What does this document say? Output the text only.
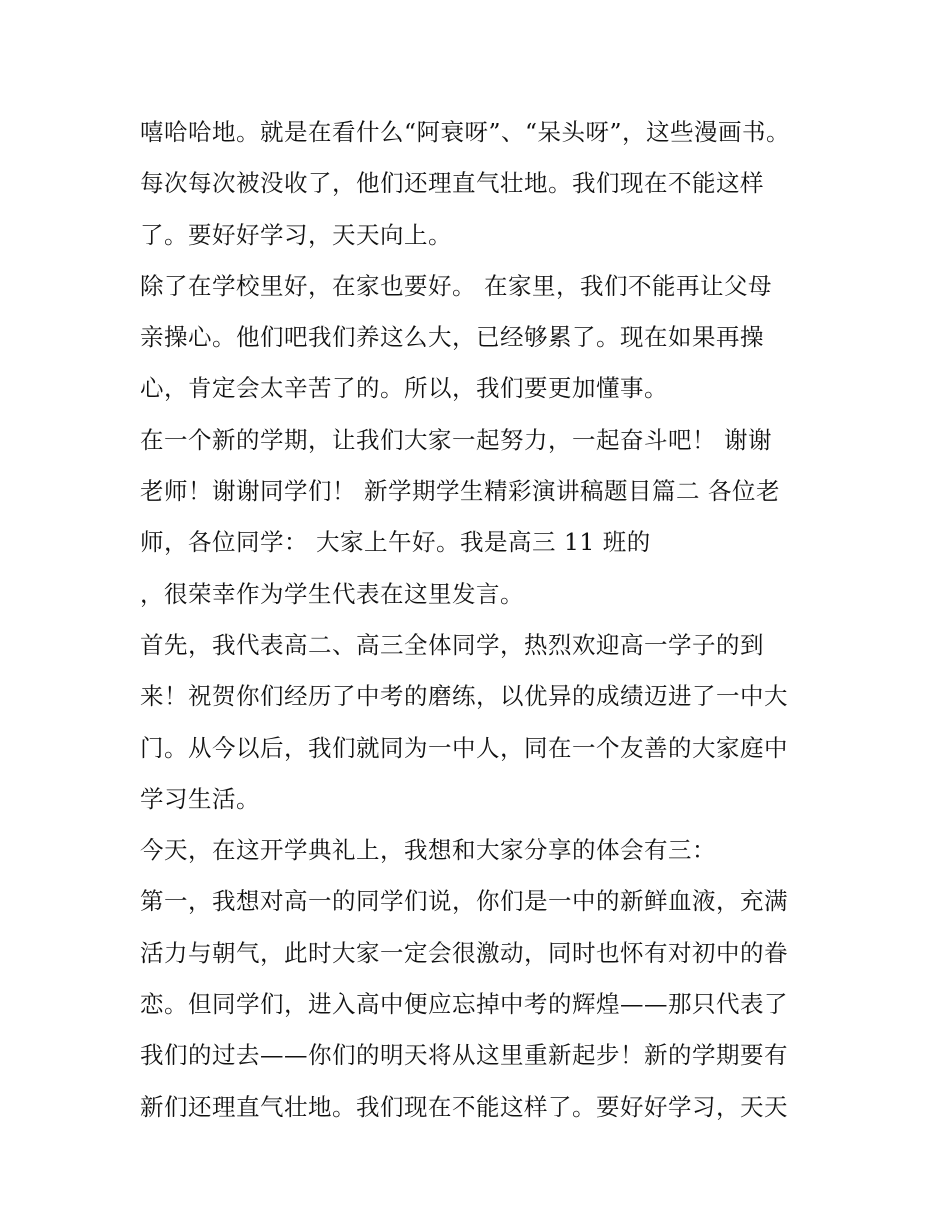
嘻哈哈地。就是在看什么“阿衰呀”、“呆头呀”，这些漫画书。
每次每次被没收了，他们还理直气壮地。我们现在不能这样
了。要好好学习，天天向上。
除了在学校里好，在家也要好。 在家里，我们不能再让父母
亲操心。他们吧我们养这么大，已经够累了。现在如果再操
心，肯定会太辛苦了的。所以，我们要更加懂事。
在一个新的学期，让我们大家一起努力，一起奋斗吧！ 谢谢
老师！谢谢同学们！ 新学期学生精彩演讲稿题目篇二 各位老
师，各位同学： 大家上午好。我是高三 11 班的
，很荣幸作为学生代表在这里发言。
首先，我代表高二、高三全体同学，热烈欢迎高一学子的到
来！祝贺你们经历了中考的磨练，以优异的成绩迈进了一中大
门。从今以后，我们就同为一中人，同在一个友善的大家庭中
学习生活。
今天，在这开学典礼上，我想和大家分享的体会有三：
第一，我想对高一的同学们说，你们是一中的新鲜血液，充满
活力与朝气，此时大家一定会很激动，同时也怀有对初中的眷
恋。但同学们，进入高中便应忘掉中考的辉煌——那只代表了
我们的过去——你们的明天将从这里重新起步！新的学期要有
新们还理直气壮地。我们现在不能这样了。要好好学习，天天
